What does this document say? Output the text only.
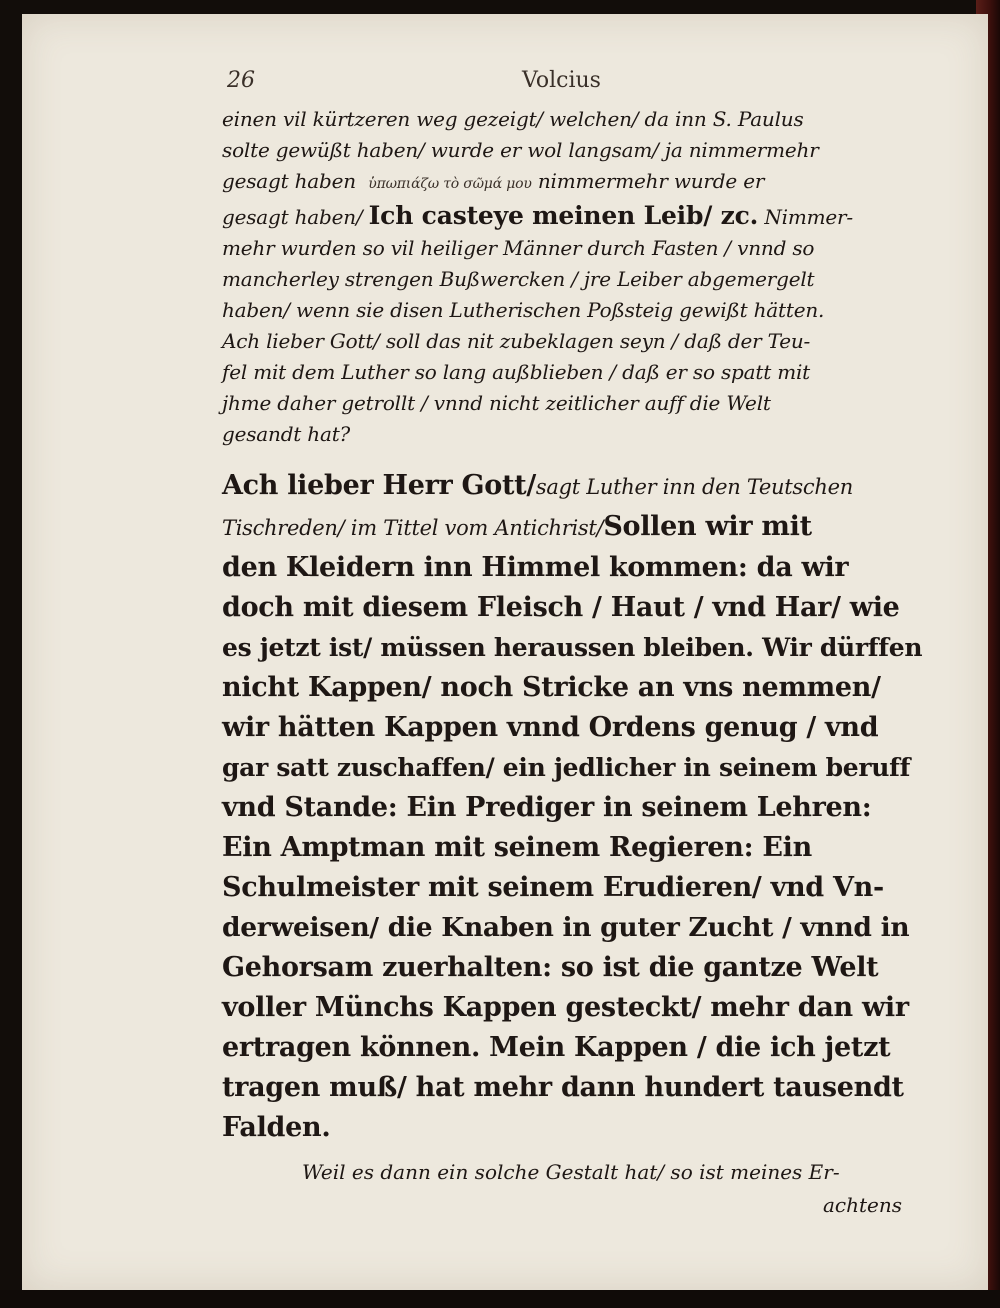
26	Volcius

einen vil kürtzeren weg gezeigt/ welchen/ da inn S. Paulus
solte gewüßt haben/ wurde er wol langsam/ ja nimmermehr
gesagt haben ὑπωπιάζω τὸ σῶμά μου nimmermehr wurde er
gesagt haben/ Ich casteye meinen Leib/ zc. Nimmer-
mehr wurden so vil heiliger Männer durch Fasten / vnnd so
mancherley strengen Bußwercken / jre Leiber abgemergelt
haben/ wenn sie disen Lutherischen Poßsteig gewißt hätten.
Ach lieber Gott/ soll das nit zubeklagen seyn / daß der Teu-
fel mit dem Luther so lang außblieben / daß er so spatt mit
jhme daher getrollt / vnnd nicht zeitlicher auff die Welt
gesandt hat?

Ach lieber Herr Gott/sagt Luther inn den Teutschen
Tischreden/ im Tittel vom Antichrist/Sollen wir mit
den Kleidern inn Himmel kommen: da wir
doch mit diesem Fleisch / Haut / vnd Har/ wie
es jetzt ist/ müssen heraussen bleiben. Wir dürffen
nicht Kappen/ noch Stricke an vns nemmen/
wir hätten Kappen vnnd Ordens genug / vnd
gar satt zuschaffen/ ein jedlicher in seinem beruff
vnd Stande: Ein Prediger in seinem Lehren:
Ein Amptman mit seinem Regieren: Ein
Schulmeister mit seinem Erudieren/ vnd Vn-
derweisen/ die Knaben in guter Zucht / vnnd in
Gehorsam zuerhalten: so ist die gantze Welt
voller Münchs Kappen gesteckt/ mehr dan wir
ertragen können. Mein Kappen / die ich jetzt
tragen muß/ hat mehr dann hundert tausendt
Falden.

Weil es dann ein solche Gestalt hat/ so ist meines Er-
achtens
